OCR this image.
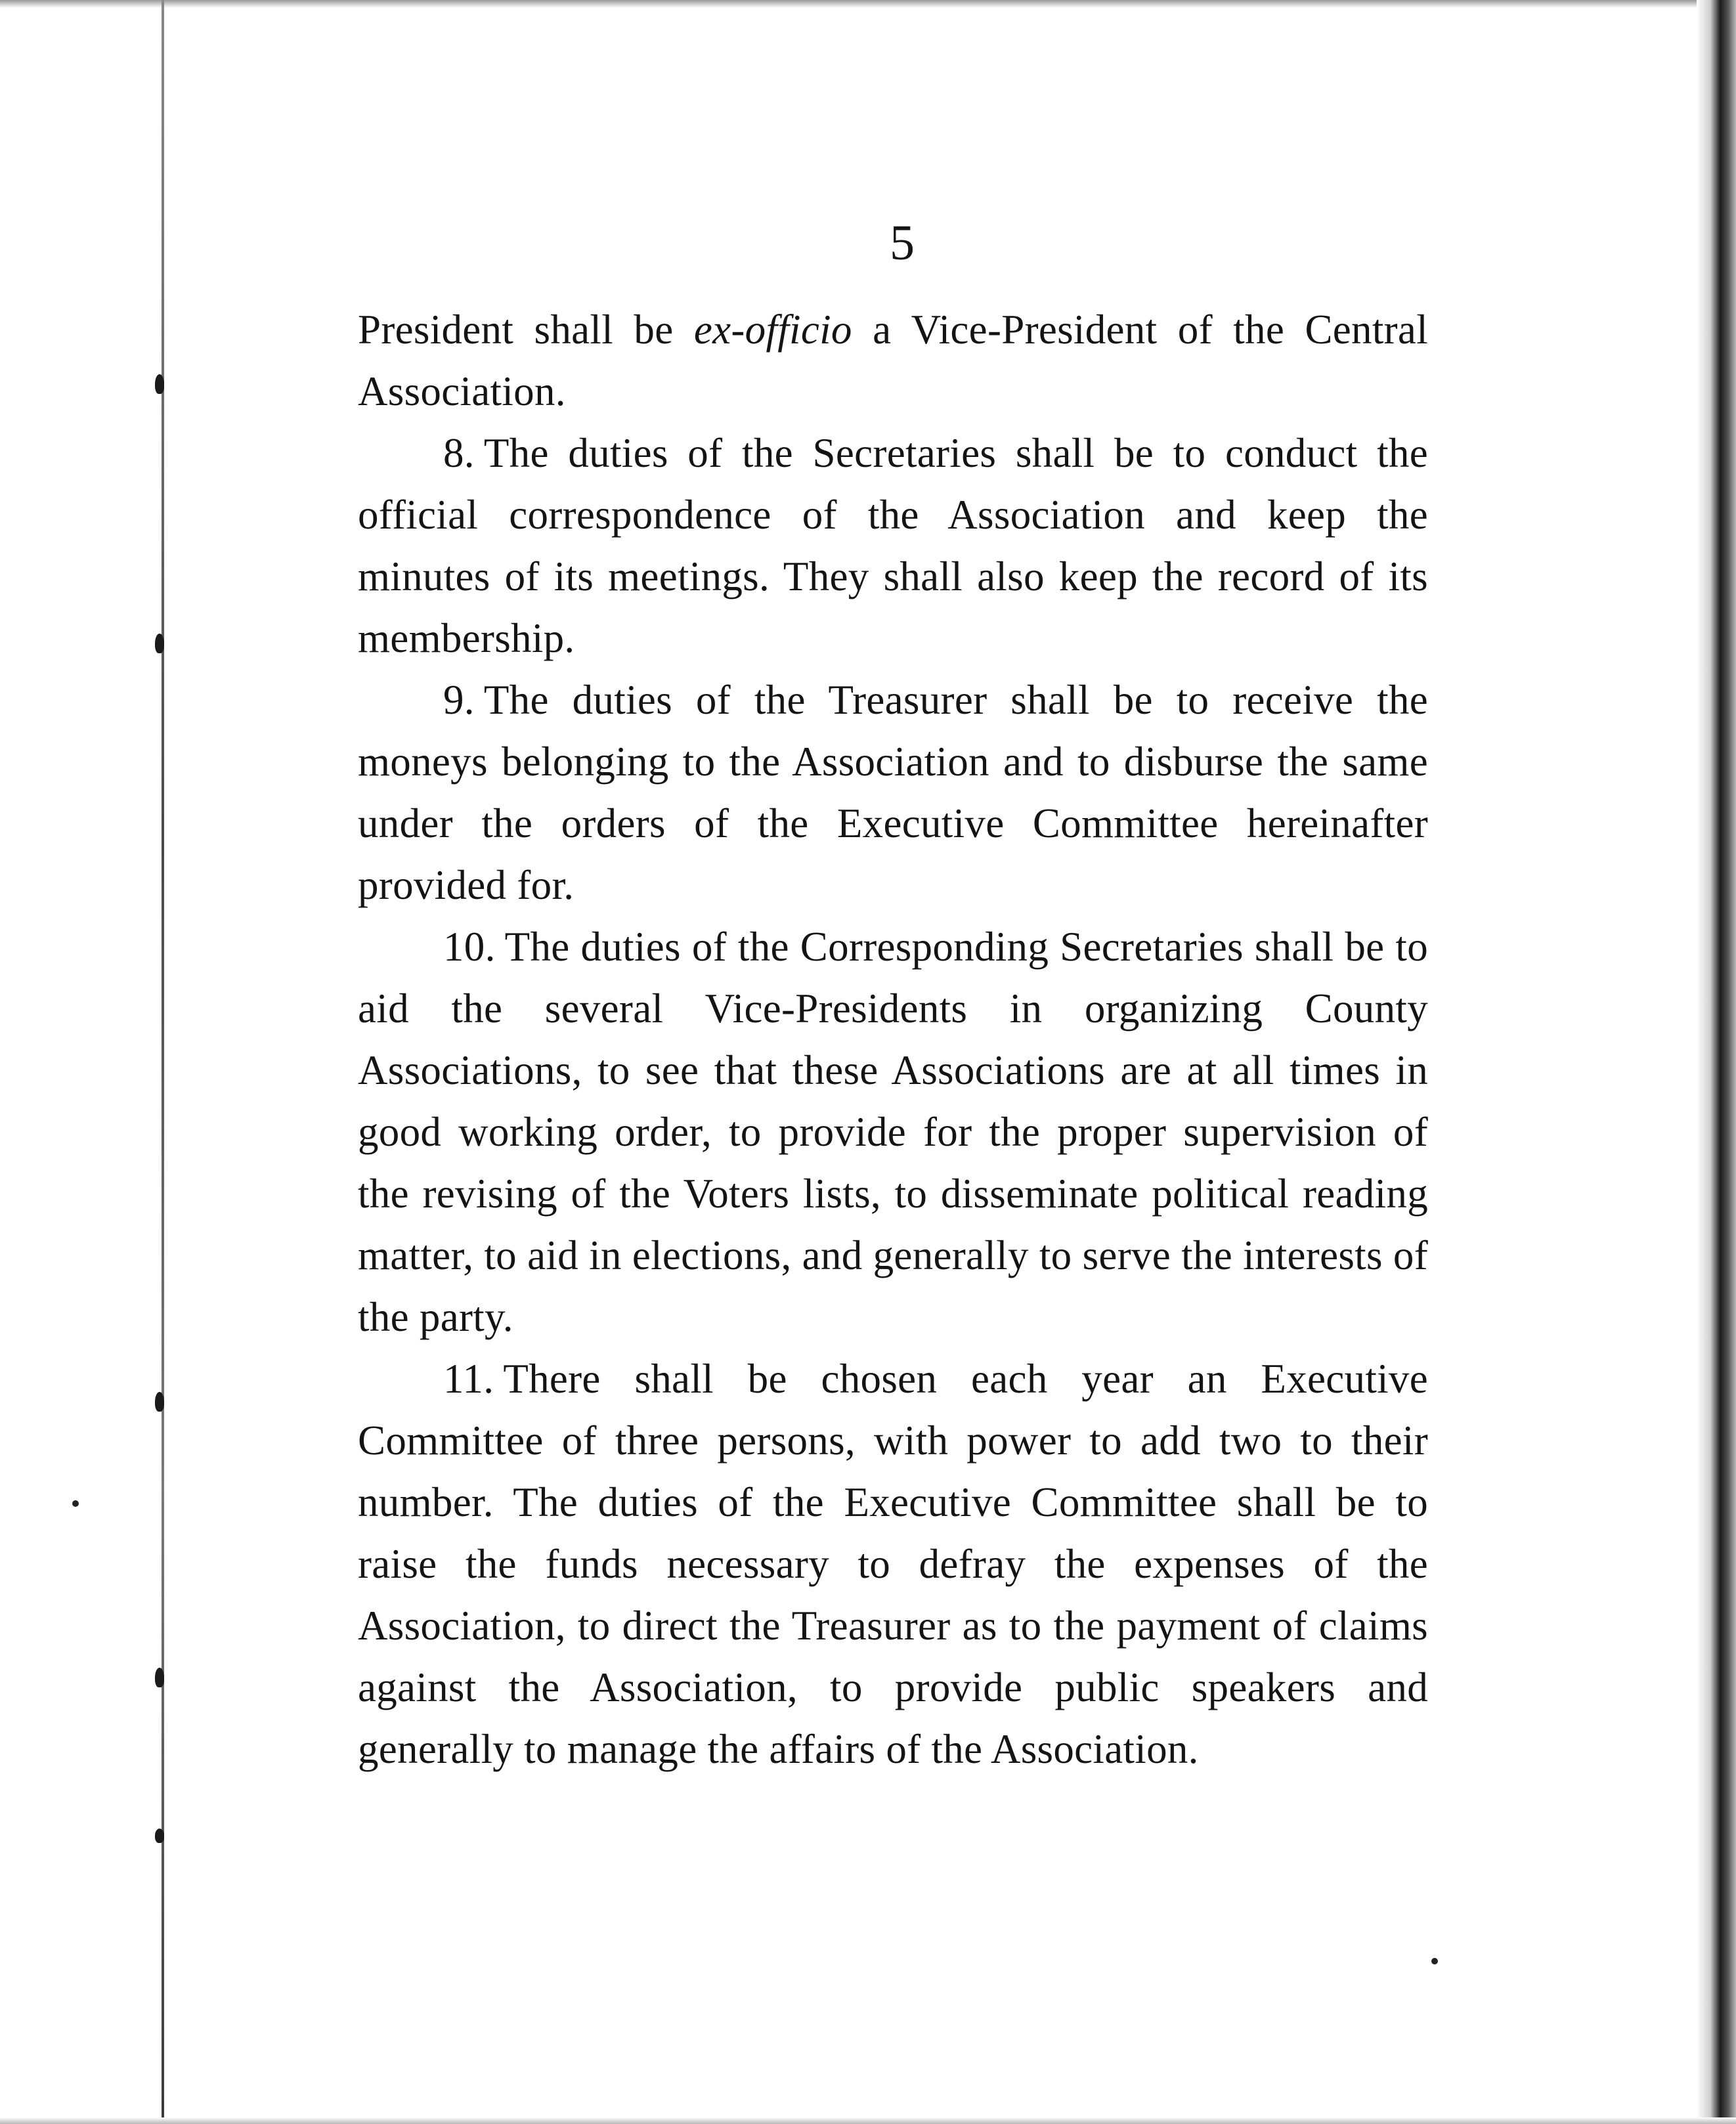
5

President shall be ex-officio a Vice-President of the Central Association.

8. The duties of the Secretaries shall be to conduct the official correspondence of the Association and keep the minutes of its meetings. They shall also keep the record of its membership.

9. The duties of the Treasurer shall be to receive the moneys belonging to the Association and to disburse the same under the orders of the Executive Committee hereinafter provided for.

10. The duties of the Corresponding Secretaries shall be to aid the several Vice-Presidents in organizing County Associations, to see that these Associations are at all times in good working order, to provide for the proper supervision of the revising of the Voters lists, to disseminate political reading matter, to aid in elections, and generally to serve the interests of the party.

11. There shall be chosen each year an Executive Committee of three persons, with power to add two to their number. The duties of the Executive Committee shall be to raise the funds necessary to defray the expenses of the Association, to direct the Treasurer as to the payment of claims against the Association, to provide public speakers and generally to manage the affairs of the Association.
